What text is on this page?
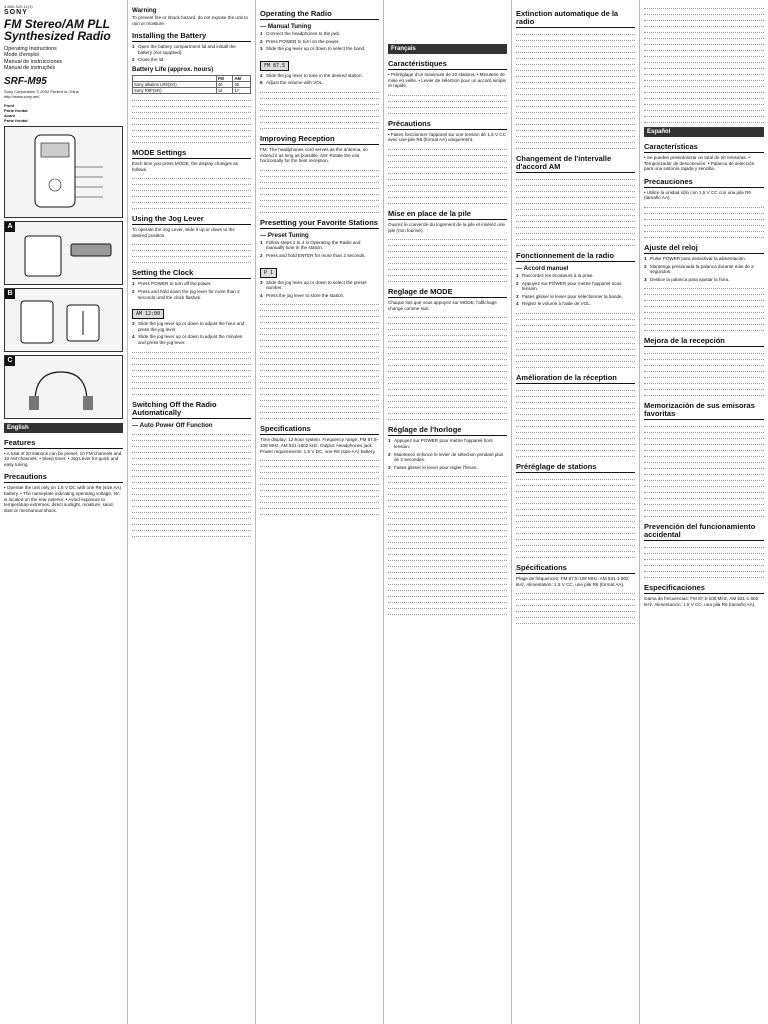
3-860-920-11(1)
SONY
FM Stereo/AM PLL Synthesized Radio

Operating Instructions

Mode d'emploi

Manual de instrucciones

Manual de instruções

SRF-M95

Sony Corporation © 2002 Printed in China

http://www.sony.net/

Front

Parte frontal

Avant

Parte frontal

A
B
C
English
Features

• A total of 20 stations can be preset, 10 FM channels and 10 AM channels. • Sleep timer. • Jog Lever for quick and easy tuning.

Precautions

• Operate the unit only on 1.5 V DC with one R6 (size AA) battery. • The nameplate indicating operating voltage, etc. is located on the rear exterior. • Avoid exposure to temperature extremes, direct sunlight, moisture, sand, dust or mechanical shock.

Warning

To prevent fire or shock hazard, do not expose the unit to rain or moisture.

Installing the Battery
1 Open the battery compartment lid and install the battery (not supplied).
2 Close the lid.
Battery Life (approx. hours)
	FM	AM
Sony alkaline LR6(SG)	40	55
Sony R6P(SR)	14	17
MODE Settings

Each time you press MODE, the display changes as follows.

Using the Jog Lever

To operate the Jog Lever, slide it up or down to the desired position.

Setting the Clock
1 Press POWER to turn off the power.
2 Press and hold down the jog lever for more than 2 seconds until the clock flashes.
AM 12:00
3 Slide the jog lever up or down to adjust the hour and press the jog lever.
4 Slide the jog lever up or down to adjust the minutes and press the jog lever.
Switching Off the Radio Automatically
— Auto Power Off Function
Operating the Radio
— Manual Tuning
1 Connect the headphones to the jack.
2 Press POWER to turn on the power.
3 Slide the jog lever up or down to select the band.
FM 87.5
4 Slide the jog lever to tune in the desired station.
5 Adjust the volume with VOL.
Improving Reception

FM: The headphones cord serves as the antenna, so extend it as long as possible. AM: Rotate the unit horizontally for the best reception.

Presetting your Favorite Stations
— Preset Tuning
1 Follow steps 1 to 4 in Operating the Radio and manually tune in the station.
2 Press and hold ENTER for more than 2 seconds.
P 1
3 Slide the jog lever up or down to select the preset number.
4 Press the jog lever to store the station.
Specifications

Time display: 12-hour system. Frequency range: FM 87.5-108 MHz, AM 531-1602 kHz. Output: Headphones jack. Power requirements: 1.5 V DC, one R6 (size AA) battery.

Français
Caractéristiques

• Préréglage d'un maximum de 20 stations. • Minuterie de mise en veille. • Levier de sélection pour un accord simple et rapide.

Précautions

• Faites fonctionner l'appareil sur une tension de 1,5 V CC avec une pile R6 (format AA) uniquement.

Mise en place de la pile

Ouvrez le couvercle du logement de la pile et insérez une pile (non fournie).

Reglage de MODE

Chaque fois que vous appuyez sur MODE, l'affichage change comme suit.

Réglage de l'horloge
1 Appuyez sur POWER pour mettre l'appareil hors tension.
2 Maintenez enfoncé le levier de sélection pendant plus de 2 secondes.
3 Faites glisser le levier pour régler l'heure.
Extinction automatique de la radio
Changement de l'intervalle d'accord AM
Fonctionnement de la radio
— Accord manuel
1 Raccordez les écouteurs à la prise.
2 Appuyez sur POWER pour mettre l'appareil sous tension.
3 Faites glisser le levier pour sélectionner la bande.
4 Réglez le volume à l'aide de VOL.
Amélioration de la réception
Préréglage de stations
Spécifications

Plage de fréquences: FM 87,5-108 MHz, AM 531-1 602 kHz. Alimentation: 1,5 V CC, une pile R6 (format AA).

Español
Características

• Se pueden presintonizar un total de 20 emisoras. • Temporizador de desconexión. • Palanca de selección para una sintonía rápida y sencilla.

Precauciones

• Utilice la unidad sólo con 1,5 V CC con una pila R6 (tamaño AA).

Ajuste del reloj
1 Pulse POWER para desactivar la alimentación.
2 Mantenga presionada la palanca durante más de 2 segundos.
3 Deslice la palanca para ajustar la hora.
Mejora de la recepción
Memorización de sus emisoras favoritas
Prevención del funcionamiento accidental
Especificaciones

Gama de frecuencias: FM 87,5-108 MHz, AM 531-1 602 kHz. Alimentación: 1,5 V CC, una pila R6 (tamaño AA).
